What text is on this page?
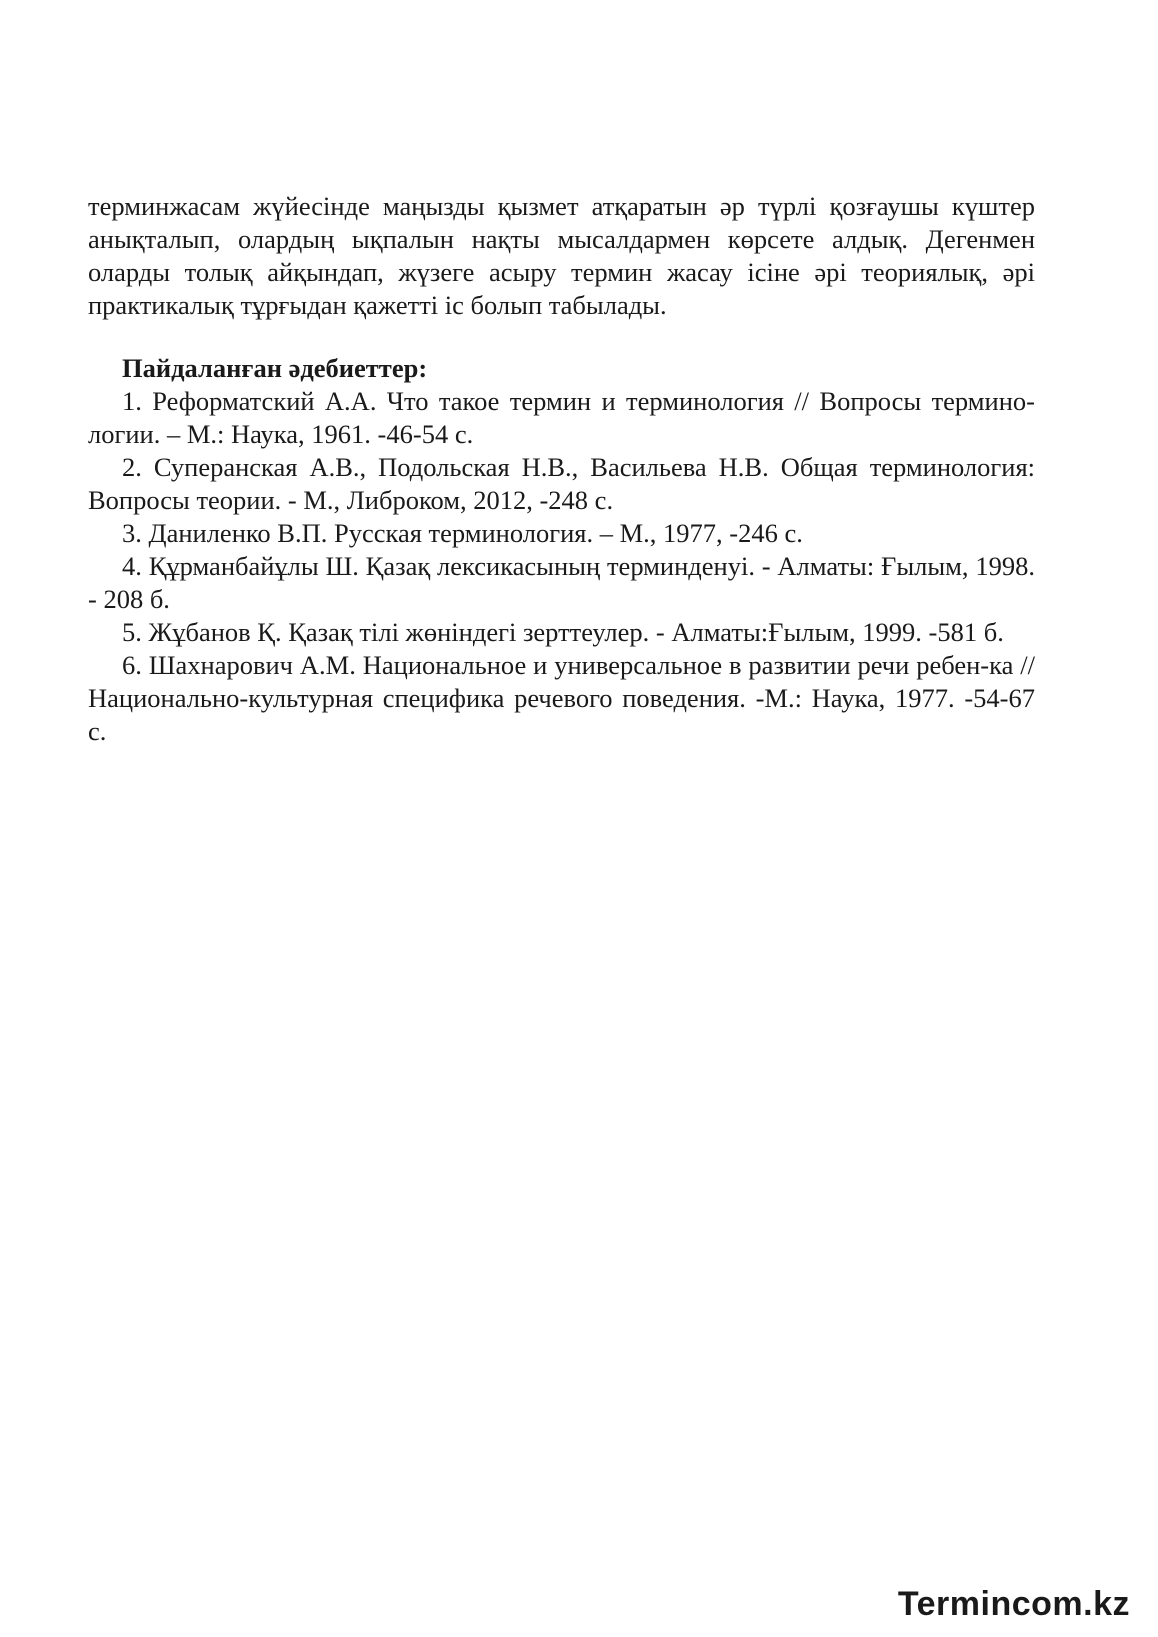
терминжасам жүйесінде маңызды қызмет атқаратын әр түрлі қозғаушы күштер анықталып, олардың ықпалын нақты мысалдармен көрсете алдық. Дегенмен оларды толық айқындап, жүзеге асыру термин жасау ісіне әрі теориялық, әрі практикалық тұрғыдан қажетті іс болып табылады.

Пайдаланған әдебиеттер:

1. Реформатский А.А. Что такое термин и терминология // Вопросы термино-логии. – М.: Наука, 1961. -46-54 с.

2. Суперанская А.В., Подольская Н.В., Васильева Н.В. Общая терминология: Вопросы теории. - М., Либроком, 2012, -248 с.

3. Даниленко В.П. Русская терминология. – М., 1977, -246 с.

4. Құрманбайұлы Ш. Қазақ лексикасының терминденуі. - Алматы: Ғылым, 1998. - 208 б.

5. Жұбанов Қ. Қазақ тілі жөніндегі зерттеулер. - Алматы:Ғылым, 1999. -581 б.

6. Шахнарович А.М. Национальное и универсальное в развитии речи ребен-ка // Национально-культурная специфика речевого поведения. -М.: Наука, 1977. -54-67 с.

Termincom.kz
